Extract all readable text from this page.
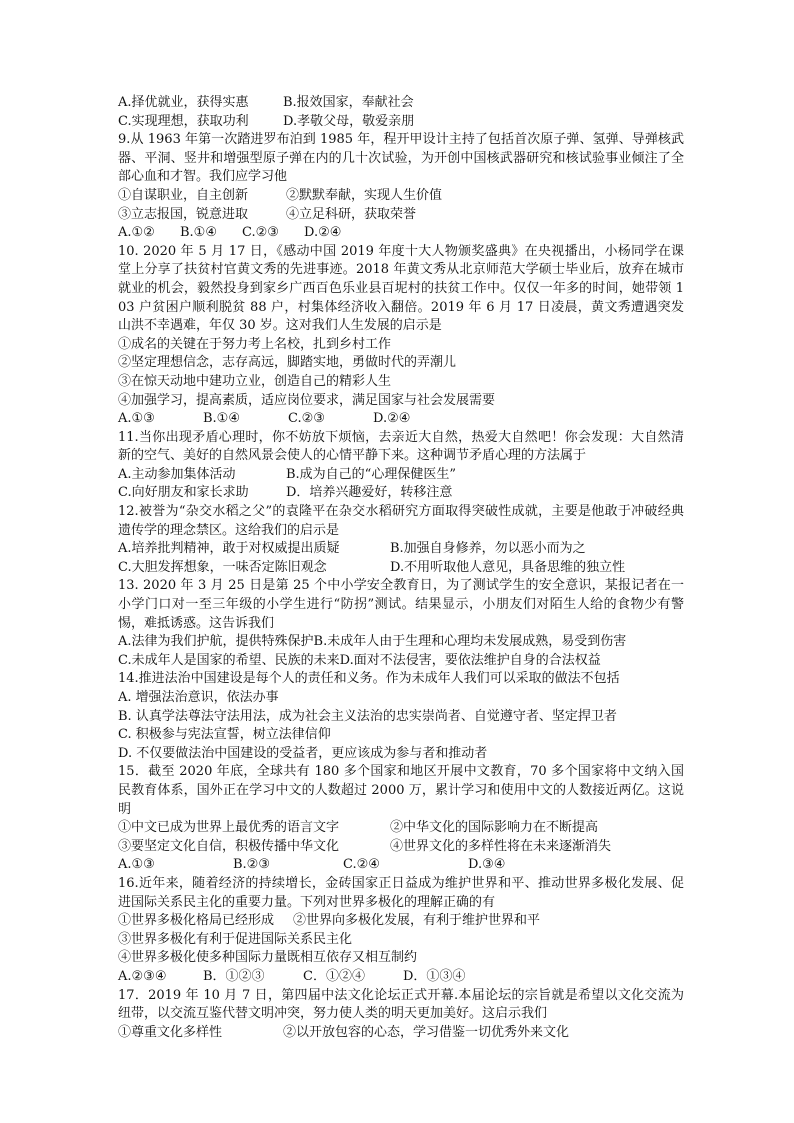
A.择优就业，获得实惠	B.报效国家，奉献社会
C.实现理想，获取功利	D.孝敬父母，敬爱亲朋

9.从 1963 年第一次踏进罗布泊到 1985 年，程开甲设计主持了包括首次原子弹、氢弹、导弹核武器、平洞、竖井和增强型原子弹在内的几十次试验，为开创中国核武器研究和核试验事业倾注了全部心血和才智。我们应学习他

①自谋职业，自主创新	②默默奉献，实现人生价值
③立志报国，锐意进取	④立足科研，获取荣誉
A.①②	B.①④	C.②③	D.②④

10. 2020 年 5 月 17 日，《感动中国 2019 年度十大人物颁奖盛典》在央视播出，小杨同学在课堂上分享了扶贫村官黄文秀的先进事迹。2018 年黄文秀从北京师范大学硕士毕业后，放弃在城市就业的机会，毅然投身到家乡广西百色乐业县百坭村的扶贫工作中。仅仅一年多的时间，她带领 103 户贫困户顺利脱贫 88 户，村集体经济收入翻倍。2019 年 6 月 17 日凌晨，黄文秀遭遇突发山洪不幸遇难，年仅 30 岁。这对我们人生发展的启示是

①成名的关键在于努力考上名校，扎到乡村工作

②坚定理想信念，志存高远，脚踏实地，勇做时代的弄潮儿

③在惊天动地中建功立业，创造自己的精彩人生

④加强学习，提高素质，适应岗位要求，满足国家与社会发展需要

A.①③	B.①④	C.②③	D.②④

11.当你出现矛盾心理时，你不妨放下烦恼，去亲近大自然，热爱大自然吧！你会发现：大自然清新的空气、美好的自然风景会使人的心情平静下来。这种调节矛盾心理的方法属于

A.主动参加集体活动	B.成为自己的“心理保健医生”
C.向好朋友和家长求助	D．培养兴趣爱好，转移注意

12.被誉为“杂交水稻之父”的袁隆平在杂交水稻研究方面取得突破性成就，主要是他敢于冲破经典遗传学的理念禁区。这给我们的启示是

A.培养批判精神，敢于对权威提出质疑	B.加强自身修养，勿以恶小而为之
C.大胆发挥想象，一味否定陈旧观念	D.不用听取他人意见，具备思维的独立性

13. 2020 年 3 月 25 日是第 25 个中小学安全教育日，为了测试学生的安全意识，某报记者在一小学门口对一至三年级的小学生进行“防拐”测试。结果显示，小朋友们对陌生人给的食物少有警惕，难抵诱惑。这告诉我们

A.法律为我们护航，提供特殊保护 B.未成年人由于生理和心理均未发展成熟，易受到伤害
C.未成年人是国家的希望、民族的未来 D.面对不法侵害，要依法维护自身的合法权益

14.推进法治中国建设是每个人的责任和义务。作为未成年人我们可以采取的做法不包括

A. 增强法治意识，依法办事

B. 认真学法尊法守法用法，成为社会主义法治的忠实崇尚者、自觉遵守者、坚定捍卫者

C. 积极参与宪法宣誓，树立法律信仰

D. 不仅要做法治中国建设的受益者，更应该成为参与者和推动者

15．截至 2020 年底，全球共有 180 多个国家和地区开展中文教育，70 多个国家将中文纳入国民教育体系，国外正在学习中文的人数超过 2000 万，累计学习和使用中文的人数接近两亿。这说明

①中文已成为世界上最优秀的语言文字	②中华文化的国际影响力在不断提高
③要坚定文化自信，积极传播中华文化	④世界文化的多样性将在未来逐渐消失
A.①③	B.②③	C.②④	D.③④

16.近年来，随着经济的持续增长，金砖国家正日益成为维护世界和平、推动世界多极化发展、促进国际关系民主化的重要力量。下列对世界多极化的理解正确的有

①世界多极化格局已经形成	②世界向多极化发展，有利于维护世界和平

③世界多极化有利于促进国际关系民主化

④世界多极化使多种国际力量既相互依存又相互制约

A.②③④	B．①②③	C．①②④	D．①③④

17．2019 年 10 月 7 日，第四届中法文化论坛正式开幕.本届论坛的宗旨就是希望以文化交流为纽带，以交流互鉴代替文明冲突，努力使人类的明天更加美好。这启示我们

①尊重文化多样性	②以开放包容的心态，学习借鉴一切优秀外来文化
